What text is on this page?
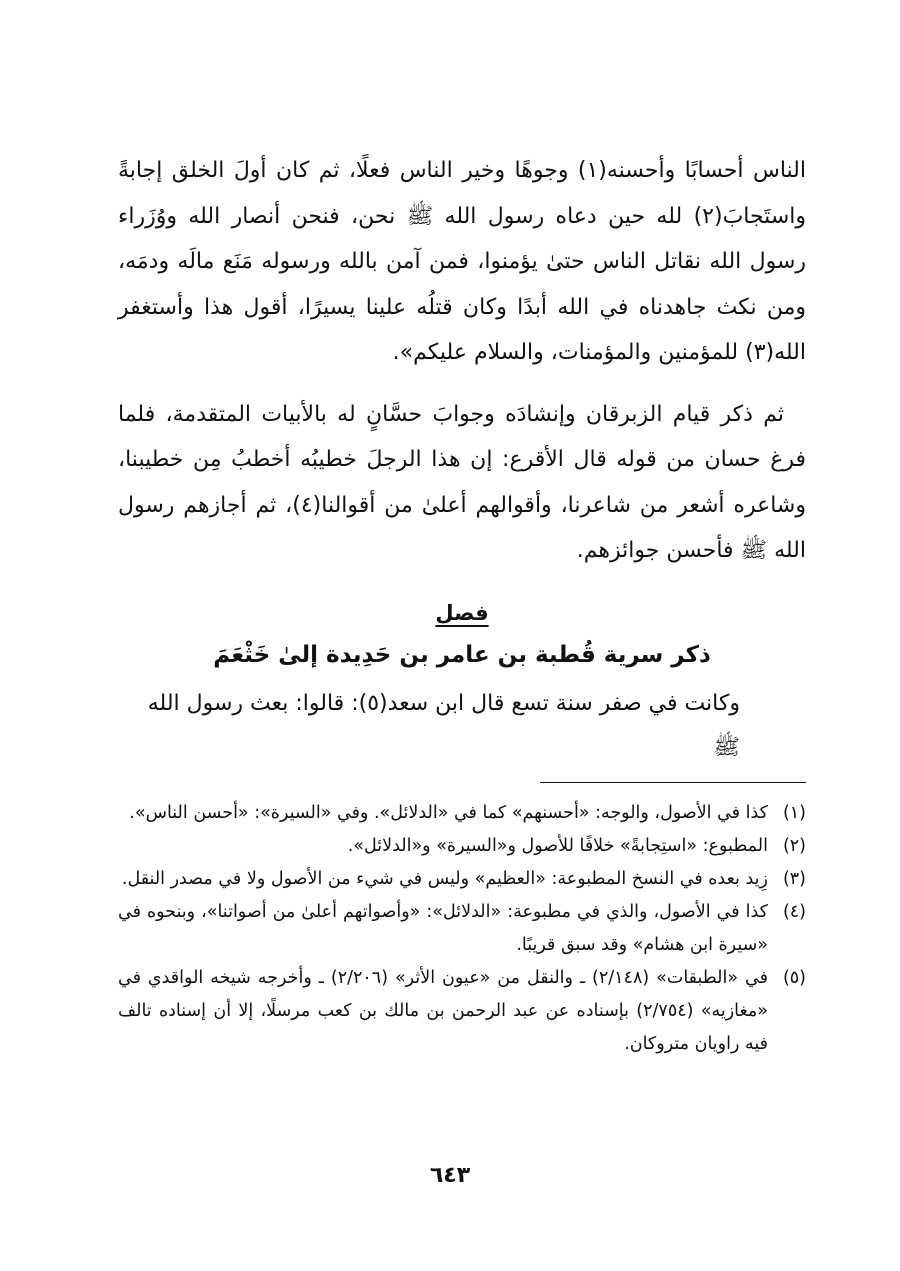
الناس أحسابًا وأحسنه(١) وجوهًا وخير الناس فعلًا، ثم كان أولَ الخلق إجابةً واستَجابَ(٢) لله حين دعاه رسول الله ﷺ نحن، فنحن أنصار الله ووُزَراء رسول الله نقاتل الناس حتىٰ يؤمنوا، فمن آمن بالله ورسوله مَنَع مالَه ودمَه، ومن نكث جاهدناه في الله أبدًا وكان قتلُه علينا يسيرًا، أقول هذا وأستغفر الله(٣) للمؤمنين والمؤمنات، والسلام عليكم».

ثم ذكر قيام الزبرقان وإنشادَه وجوابَ حسَّانٍ له بالأبيات المتقدمة، فلما فرغ حسان من قوله قال الأقرع: إن هذا الرجلَ خطيبُه أخطبُ مِن خطيبنا، وشاعره أشعر من شاعرنا، وأقوالهم أعلىٰ من أقوالنا(٤)، ثم أجازهم رسول الله ﷺ فأحسن جوائزهم.

فصل
ذكر سرية قُطبة بن عامر بن حَدِيدة إلىٰ خَثْعَمَ

وكانت في صفر سنة تسع قال ابن سعد(٥): قالوا: بعث رسول الله ﷺ

(١)
كذا في الأصول، والوجه: «أحسنهم» كما في «الدلائل». وفي «السيرة»: «أحسن الناس».
(٢)
المطبوع: «استِجابةً» خلافًا للأصول و«السيرة» و«الدلائل».
(٣)
زِيد بعده في النسخ المطبوعة: «العظيم» وليس في شيء من الأصول ولا في مصدر النقل.
(٤)
كذا في الأصول، والذي في مطبوعة: «الدلائل»: «وأصواتهم أعلىٰ من أصواتنا»، وبنحوه في «سيرة ابن هشام» وقد سبق قريبًا.
(٥)
في «الطبقات» (٢/١٤٨) ـ والنقل من «عيون الأثر» (٢/٢٠٦) ـ وأخرجه شيخه الواقدي في «مغازيه» (٢/٧٥٤) بإسناده عن عبد الرحمن بن مالك بن كعب مرسلًا، إلا أن إسناده تالف فيه راويان متروكان.
٦٤٣
